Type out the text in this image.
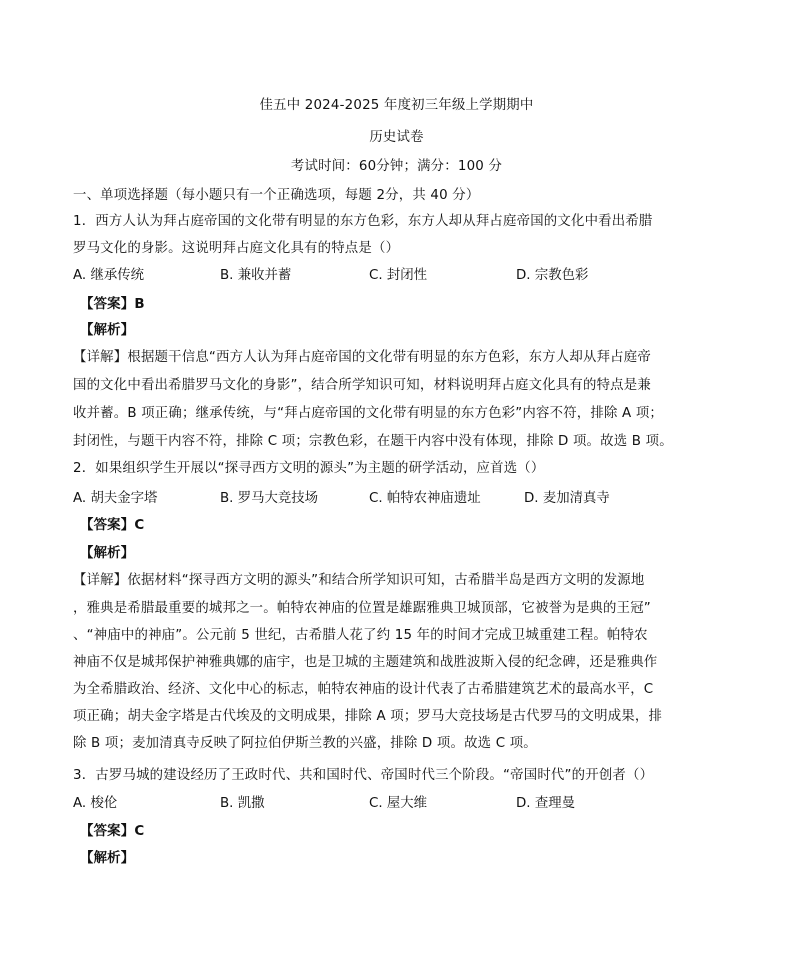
佳五中 2024-2025 年度初三年级上学期期中
历史试卷
考试时间：60分钟；满分：100 分
一、单项选择题（每小题只有一个正确选项，每题 2分，共 40 分）
1．西方人认为拜占庭帝国的文化带有明显的东方色彩，东方人却从拜占庭帝国的文化中看出希腊
罗马文化的身影。这说明拜占庭文化具有的特点是（）
A. 继承传统	B. 兼收并蓄	C. 封闭性	D. 宗教色彩
【答案】B
【解析】
【详解】根据题干信息“西方人认为拜占庭帝国的文化带有明显的东方色彩，东方人却从拜占庭帝
国的文化中看出希腊罗马文化的身影”，结合所学知识可知，材料说明拜占庭文化具有的特点是兼
收并蓄。B 项正确；继承传统，与“拜占庭帝国的文化带有明显的东方色彩”内容不符，排除 A 项；
封闭性，与题干内容不符，排除 C 项；宗教色彩，在题干内容中没有体现，排除 D 项。故选 B 项。
2．如果组织学生开展以“探寻西方文明的源头”为主题的研学活动，应首选（）
A. 胡夫金字塔	B. 罗马大竞技场	C. 帕特农神庙遗址	D. 麦加清真寺
【答案】C
【解析】
【详解】依据材料“探寻西方文明的源头”和结合所学知识可知，古希腊半岛是西方文明的发源地
，雅典是希腊最重要的城邦之一。帕特农神庙的位置是雄踞雅典卫城顶部，它被誉为是典的王冠”
、“神庙中的神庙”。公元前 5 世纪，古希腊人花了约 15 年的时间才完成卫城重建工程。帕特农
神庙不仅是城邦保护神雅典娜的庙宇，也是卫城的主题建筑和战胜波斯入侵的纪念碑，还是雅典作
为全希腊政治、经济、文化中心的标志，帕特农神庙的设计代表了古希腊建筑艺术的最高水平，C
项正确；胡夫金字塔是古代埃及的文明成果，排除 A 项；罗马大竞技场是古代罗马的文明成果，排
除 B 项；麦加清真寺反映了阿拉伯伊斯兰教的兴盛，排除 D 项。故选 C 项。
3．古罗马城的建设经历了王政时代、共和国时代、帝国时代三个阶段。“帝国时代”的开创者（）
A. 梭伦	B. 凯撒	C. 屋大维	D. 查理曼
【答案】C
【解析】
